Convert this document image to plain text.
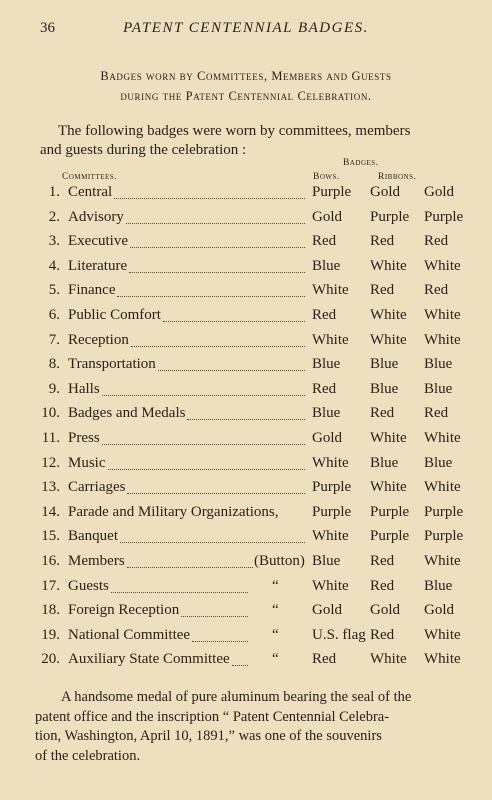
36	PATENT CENTENNIAL BADGES.
Badges worn by Committees, Members and Guests
during the Patent Centennial Celebration.
The following badges were worn by committees, members
and guests during the celebration :
Badges.
Committees.	Bows.	Ribbons.
1. Central	Purple Gold Gold
2. Advisory	Gold Purple Purple
3. Executive	Red Red Red
4. Literature	Blue White White
5. Finance	White Red Red
6. Public Comfort	Red White White
7. Reception	White White White
8. Transportation	Blue Blue Blue
9. Halls	Red Blue Blue
10. Badges and Medals	Blue Red Red
11. Press	Gold White White
12. Music	White Blue Blue
13. Carriages	Purple White White
14. Parade and Military Organizations, Purple Purple Purple
15. Banquet	White Purple Purple
16. Members	(Button) Blue Red White
17. Guests	“ White Red Blue
18. Foreign Reception	“ Gold Gold Gold
19. National Committee	“ U.S. flag Red White
20. Auxiliary State Committee	“ Red White White
A handsome medal of pure aluminum bearing the seal of the
patent office and the inscription “ Patent Centennial Celebra-
tion, Washington, April 10, 1891,” was one of the souvenirs
of the celebration.
